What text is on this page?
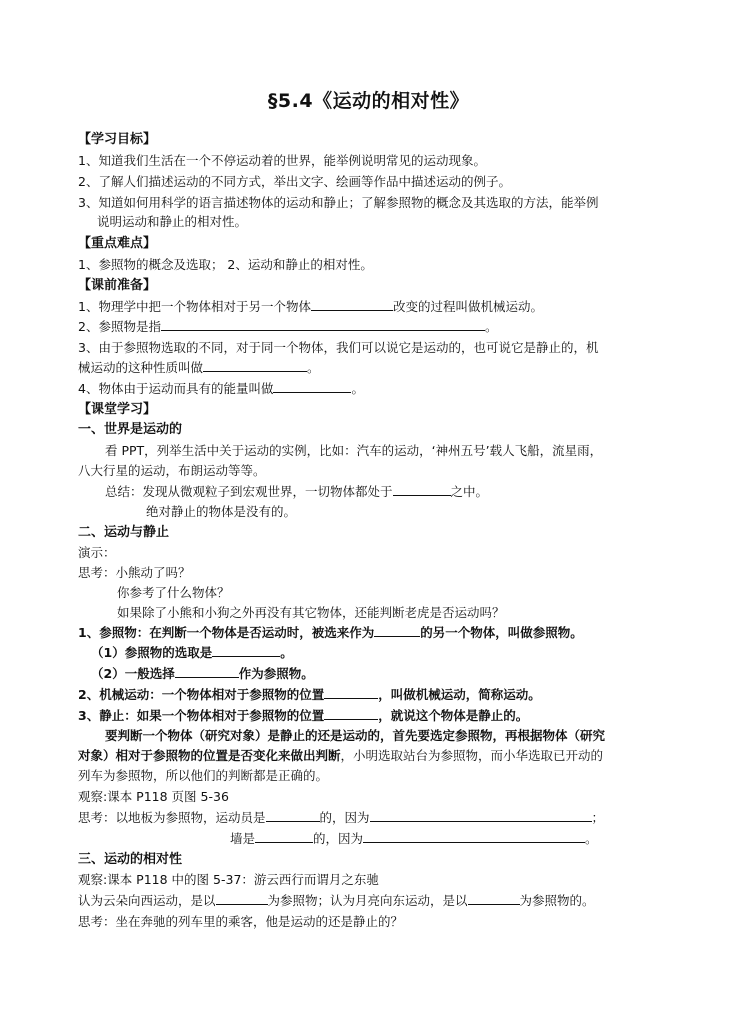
§5.4《运动的相对性》
【学习目标】
1、知道我们生活在一个不停运动着的世界，能举例说明常见的运动现象。
2、了解人们描述运动的不同方式，举出文字、绘画等作品中描述运动的例子。
3、知道如何用科学的语言描述物体的运动和静止；了解参照物的概念及其选取的方法，能举例
说明运动和静止的相对性。
【重点难点】
1、参照物的概念及选取； 2、运动和静止的相对性。
【课前准备】
1、物理学中把一个物体相对于另一个物体	改变的过程叫做机械运动。
2、参照物是指	。
3、由于参照物选取的不同，对于同一个物体，我们可以说它是运动的，也可说它是静止的，机
械运动的这种性质叫做	。
4、物体由于运动而具有的能量叫做	。
【课堂学习】
一、世界是运动的
看 PPT，列举生活中关于运动的实例，比如：汽车的运动，‘神州五号’载人飞船，流星雨，
八大行星的运动，布朗运动等等。
总结：发现从微观粒子到宏观世界，一切物体都处于	之中。
绝对静止的物体是没有的。
二、运动与静止
演示：
思考：小熊动了吗？
你参考了什么物体？
如果除了小熊和小狗之外再没有其它物体，还能判断老虎是否运动吗？
1、参照物：在判断一个物体是否运动时，被选来作为	的另一个物体，叫做参照物。
（1）参照物的选取是	。
（2）一般选择	作为参照物。
2、机械运动：一个物体相对于参照物的位置	，叫做机械运动，简称运动。
3、静止：如果一个物体相对于参照物的位置	，就说这个物体是静止的。
要判断一个物体（研究对象）是静止的还是运动的，首先要选定参照物，再根据物体（研究
对象）相对于参照物的位置是否变化来做出判断，小明选取站台为参照物，而小华选取已开动的
列车为参照物，所以他们的判断都是正确的。
观察:课本 P118 页图 5-36
思考：以地板为参照物，运动员是	的，因为	；
墙是	的，因为	。
三、运动的相对性
观察:课本 P118 中的图 5-37：游云西行而谓月之东驰
认为云朵向西运动，是以	为参照物；认为月亮向东运动，是以	为参照物的。
思考：坐在奔驰的列车里的乘客，他是运动的还是静止的？
